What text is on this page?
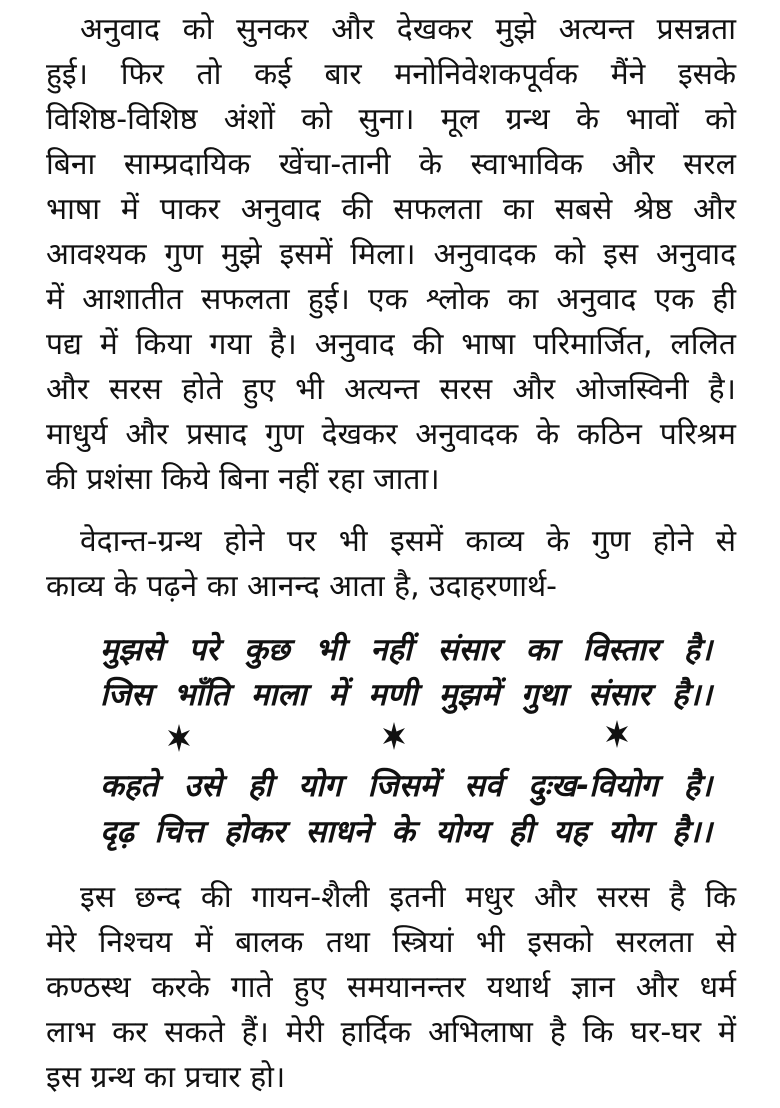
अनुवाद को सुनकर और देखकर मुझे अत्यन्त प्रसन्नता
हुई। फिर तो कई बार मनोनिवेशकपूर्वक मैंने इसके
विशिष्ठ-विशिष्ठ अंशों को सुना। मूल ग्रन्थ के भावों को
बिना साम्प्रदायिक खेंचा-तानी के स्वाभाविक और सरल
भाषा में पाकर अनुवाद की सफलता का सबसे श्रेष्ठ और
आवश्यक गुण मुझे इसमें मिला। अनुवादक को इस अनुवाद
में आशातीत सफलता हुई। एक श्लोक का अनुवाद एक ही
पद्य में किया गया है। अनुवाद की भाषा परिमार्जित, ललित
और सरस होते हुए भी अत्यन्त सरस और ओजस्विनी है।
माधुर्य और प्रसाद गुण देखकर अनुवादक के कठिन परिश्रम
की प्रशंसा किये बिना नहीं रहा जाता।
वेदान्त-ग्रन्थ होने पर भी इसमें काव्य के गुण होने से
काव्य के पढ़ने का आनन्द आता है, उदाहरणार्थ-
मुझसे परे कुछ भी नहीं संसार का विस्तार है।
जिस भाँति माला में मणी मुझमें गुथा संसार है।।
कहते उसे ही योग जिसमें सर्व दुःख-वियोग है।
दृढ़ चित्त होकर साधने के योग्य ही यह योग है।।
इस छन्द की गायन-शैली इतनी मधुर और सरस है कि
मेरे निश्चय में बालक तथा स्त्रियां भी इसको सरलता से
कण्ठस्थ करके गाते हुए समयानन्तर यथार्थ ज्ञान और धर्म
लाभ कर सकते हैं। मेरी हार्दिक अभिलाषा है कि घर-घर में
इस ग्रन्थ का प्रचार हो।
